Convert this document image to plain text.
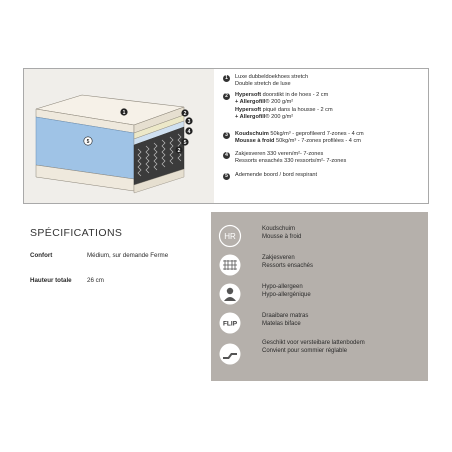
1	2
3
4
5
2
5
1	Luxe dubbeldoekhoes stretch
Double stretch de luxe
2	Hypersoft doorstikt in de hoes - 2 cm
+ Allergofill® 200 g/m²
Hypersoft piqué dans la housse - 2 cm
+ Allergofill® 200 g/m²
3	Koudschuim 50kg/m³ - geprofileerd 7-zones - 4 cm
Mousse à froid 50kg/m³ - 7-zones profilées - 4 cm
4	Zakjesveren 330 veren/m²- 7-zones
Ressorts ensachés 330 ressorts/m²- 7-zones
5	Ademende boord / bord respirant
SPÉCIFICATIONS
Confort	Médium, sur demande Ferme
Hauteur totale 26 cm
HR
Koudschuim
Mousse à froid
Zakjesveren
Ressorts ensachés
Hypo-allergeen
Hypo-allergénique
FLIP
Draaibare matras
Matelas biface
Geschikt voor versteibare lattenbodem
Convient pour sommier réglable
